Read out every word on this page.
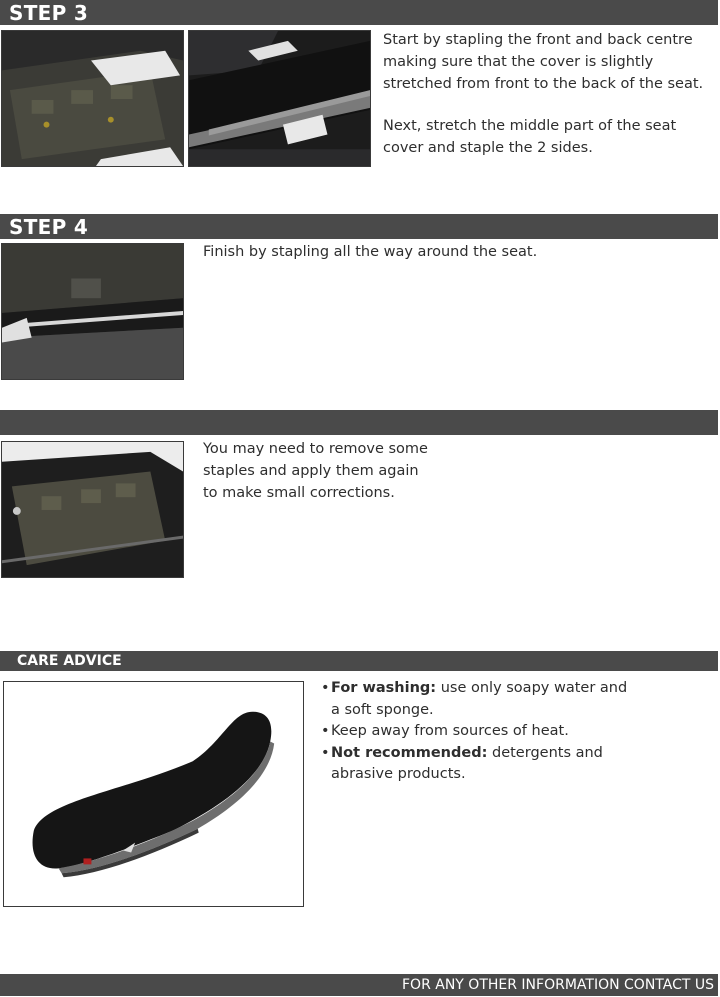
STEP 3

Start by stapling the front and back centre making sure that the cover is slightly stretched from front to the back of the seat.

Next, stretch the middle part of the seat cover and staple the 2 sides.

STEP 4

Finish by stapling all the way around the seat.

You may need to remove some

staples and apply them again

to make small corrections.

CARE ADVICE
• For washing: use only soapy water and a soft sponge.
• Keep away from sources of heat.
• Not recommended: detergents and abrasive products.
FOR ANY OTHER INFORMATION CONTACT US
